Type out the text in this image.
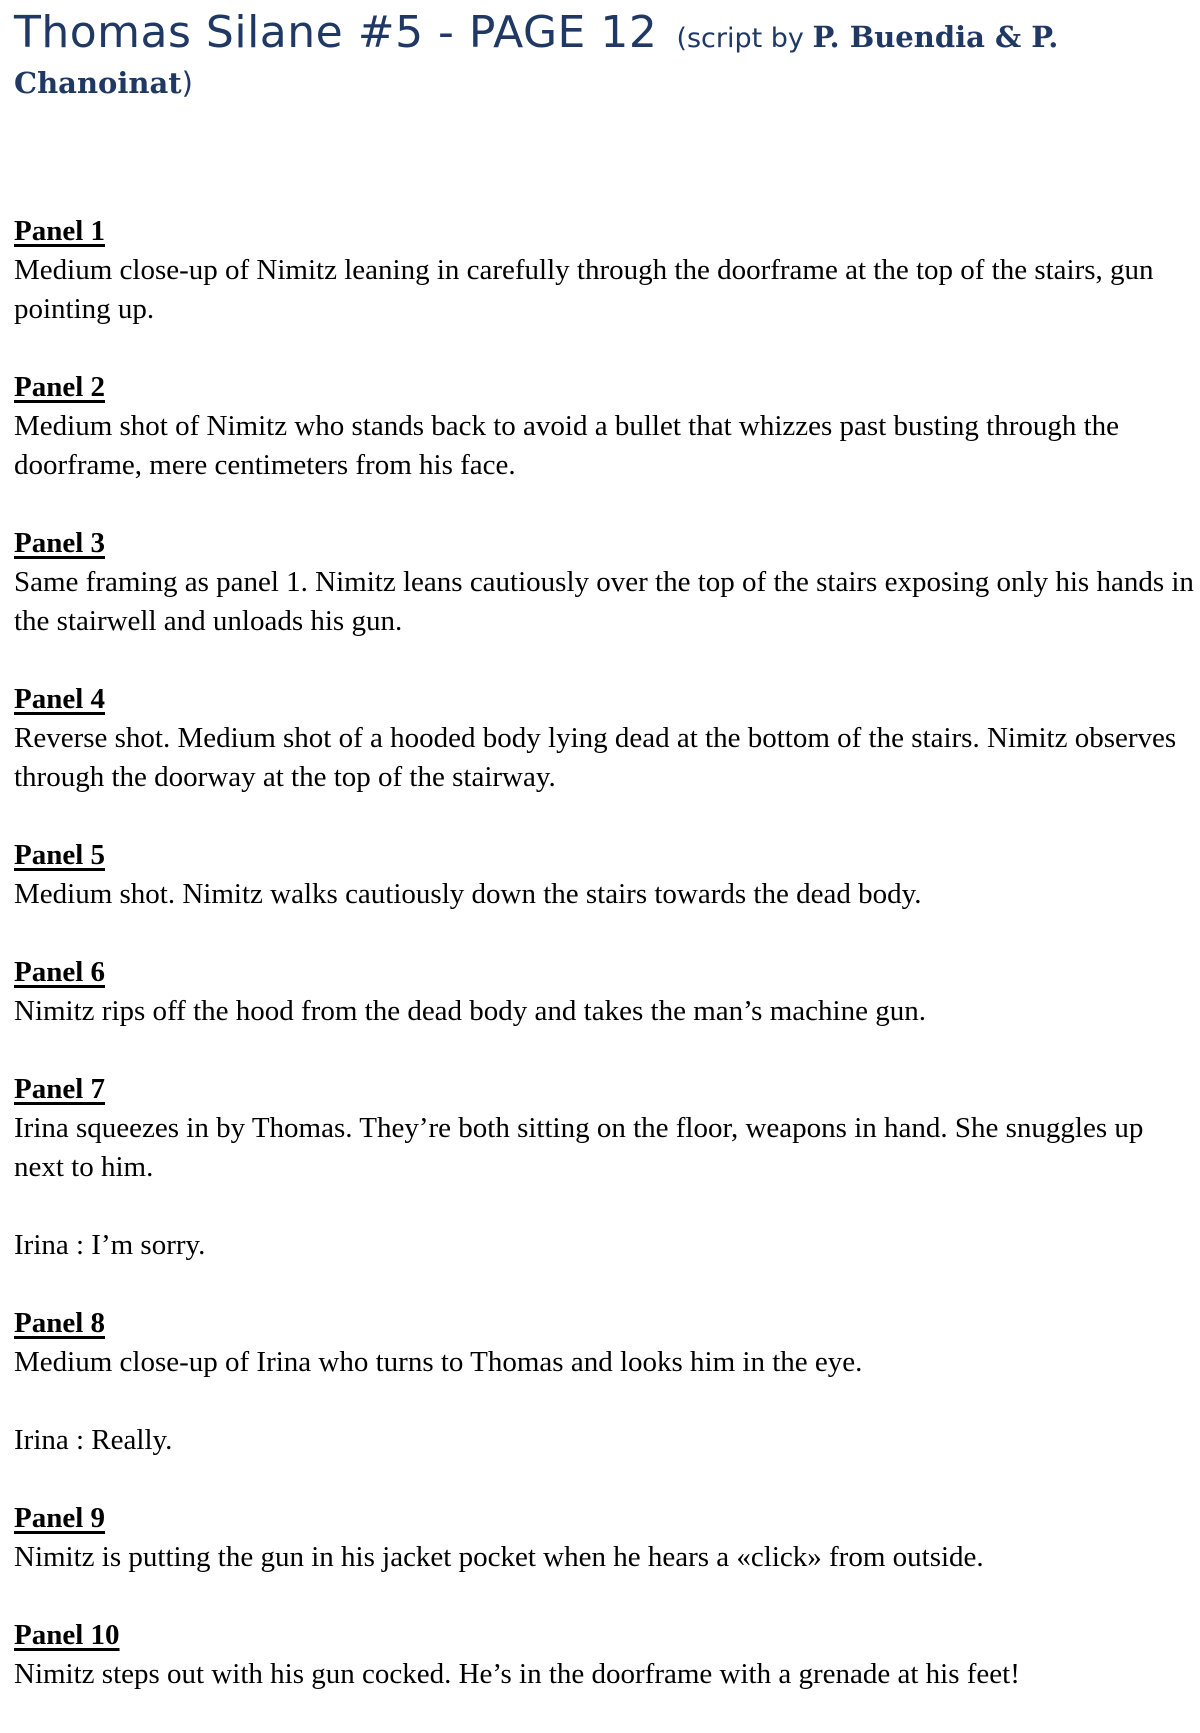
Thomas Silane #5 - PAGE 12 (script by P. Buendia & P.
Chanoinat)
Panel 1

Medium close-up of Nimitz leaning in carefully through the doorframe at the top of the stairs, gun pointing up.

Panel 2

Medium shot of Nimitz who stands back to avoid a bullet that whizzes past busting through the doorframe, mere centimeters from his face.

Panel 3

Same framing as panel 1. Nimitz leans cautiously over the top of the stairs exposing only his hands in the stairwell and unloads his gun.

Panel 4

Reverse shot. Medium shot of a hooded body lying dead at the bottom of the stairs. Nimitz observes through the doorway at the top of the stairway.

Panel 5

Medium shot. Nimitz walks cautiously down the stairs towards the dead body.

Panel 6

Nimitz rips off the hood from the dead body and takes the man’s machine gun.

Panel 7

Irina squeezes in by Thomas. They’re both sitting on the floor, weapons in hand. She snuggles up next to him.

Irina : I’m sorry.
Panel 8

Medium close-up of Irina who turns to Thomas and looks him in the eye.

Irina : Really.
Panel 9

Nimitz is putting the gun in his jacket pocket when he hears a «click» from outside.

Panel 10

Nimitz steps out with his gun cocked. He’s in the doorframe with a grenade at his feet!
